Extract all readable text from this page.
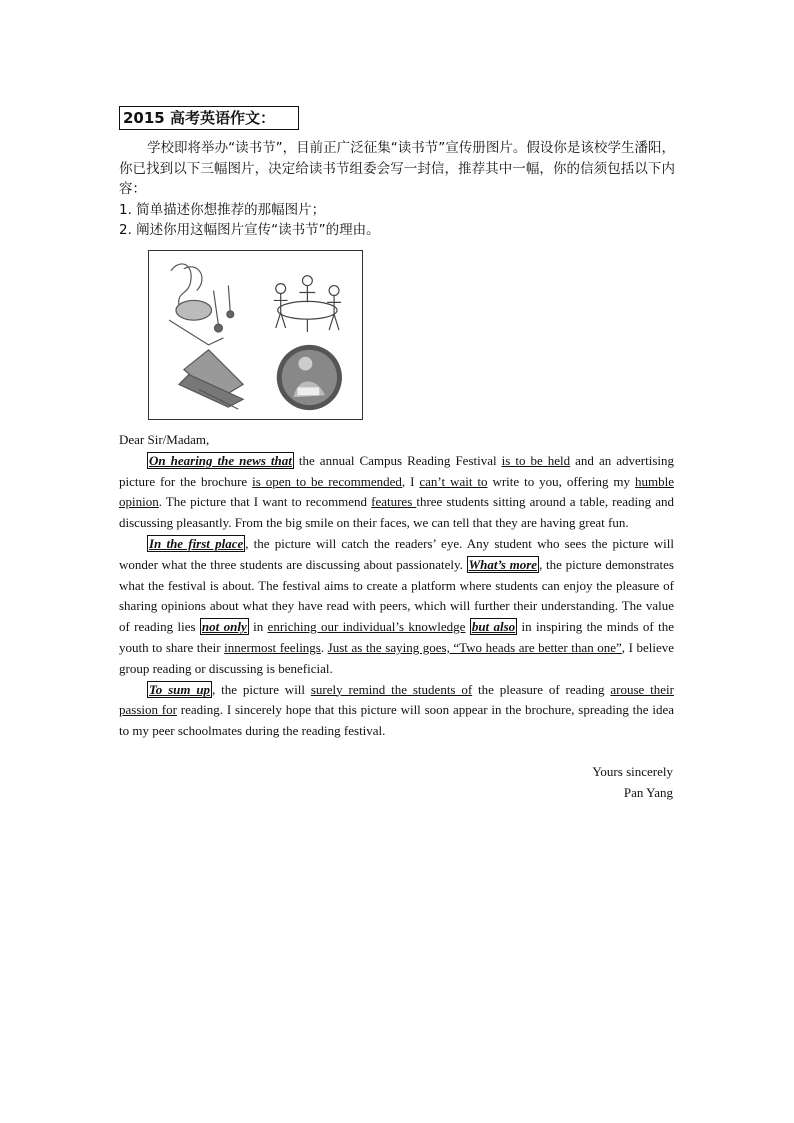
2015 高考英语作文：

学校即将举办“读书节”，目前正广泛征集“读书节”宣传册图片。假设你是该校学生潘阳，你已找到以下三幅图片，决定给读书节组委会写一封信，推荐其中一幅，你的信须包括以下内容：

1. 简单描述你想推荐的那幅图片；

2. 阐述你用这幅图片宣传“读书节”的理由。

Dear Sir/Madam,

On hearing the news that the annual Campus Reading Festival is to be held and an advertising picture for the brochure is open to be recommended, I can’t wait to write to you, offering my humble opinion. The picture that I want to recommend features three students sitting around a table, reading and discussing pleasantly. From the big smile on their faces, we can tell that they are having great fun.

In the first place , the picture will catch the readers’ eye. Any student who sees the picture will wonder what the three students are discussing about passionately. What’s more , the picture demonstrates what the festival is about. The festival aims to create a platform where students can enjoy the pleasure of sharing opinions about what they have read with peers, which will further their understanding. The value of reading lies not only in enriching our individual’s knowledge but also in inspiring the minds of the youth to share their innermost feelings. Just as the saying goes, “Two heads are better than one”, I believe group reading or discussing is beneficial.

To sum up , the picture will surely remind the students of the pleasure of reading arouse their passion for reading. I sincerely hope that this picture will soon appear in the brochure, spreading the idea to my peer schoolmates during the reading festival.

Yours sincerely
Pan Yang
